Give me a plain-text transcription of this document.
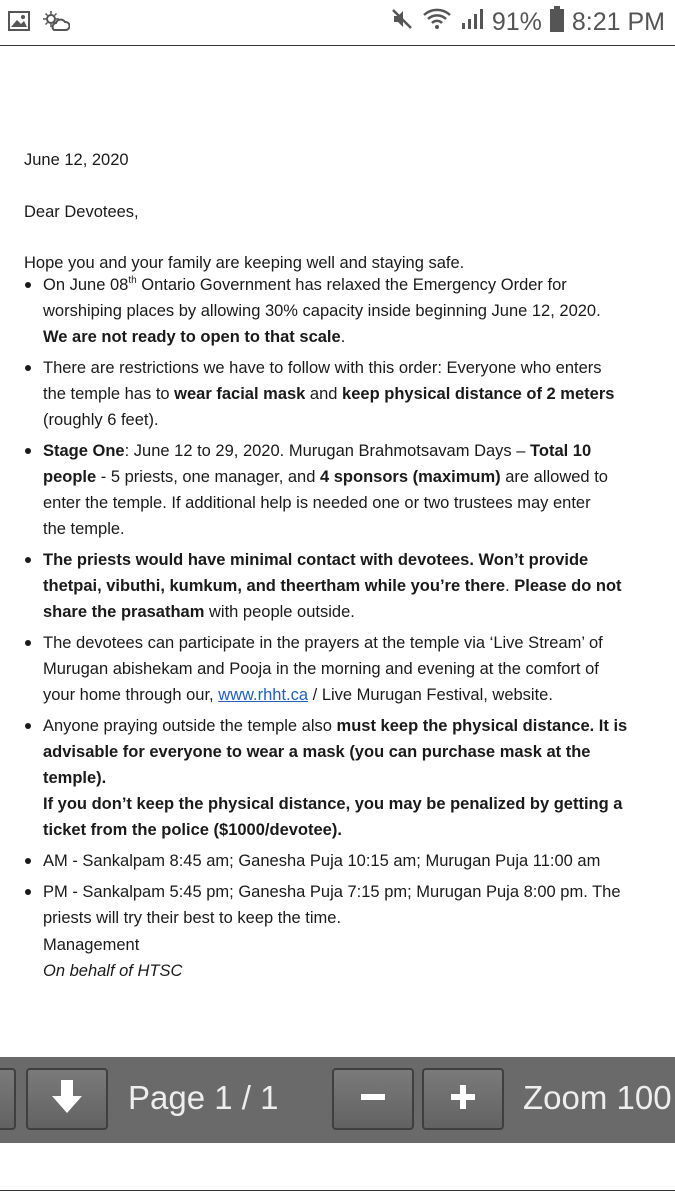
91% 8:21 PM
June 12, 2020
Dear Devotees,
Hope you and your family are keeping well and staying safe.
On June 08th Ontario Government has relaxed the Emergency Order for
worshiping places by allowing 30% capacity inside beginning June 12, 2020.
We are not ready to open to that scale.
There are restrictions we have to follow with this order: Everyone who enters
the temple has to wear facial mask and keep physical distance of 2 meters
(roughly 6 feet).
Stage One: June 12 to 29, 2020. Murugan Brahmotsavam Days – Total 10
people - 5 priests, one manager, and 4 sponsors (maximum) are allowed to
enter the temple. If additional help is needed one or two trustees may enter
the temple.
The priests would have minimal contact with devotees. Won’t provide
thetpai, vibuthi, kumkum, and theertham while you’re there. Please do not
share the prasatham with people outside.
The devotees can participate in the prayers at the temple via ‘Live Stream’ of
Murugan abishekam and Pooja in the morning and evening at the comfort of
your home through our, www.rhht.ca / Live Murugan Festival, website.
Anyone praying outside the temple also must keep the physical distance. It is
advisable for everyone to wear a mask (you can purchase mask at the
temple).
If you don’t keep the physical distance, you may be penalized by getting a
ticket from the police ($1000/devotee).
AM - Sankalpam 8:45 am; Ganesha Puja 10:15 am; Murugan Puja 11:00 am
PM - Sankalpam 5:45 pm; Ganesha Puja 7:15 pm; Murugan Puja 8:00 pm. The
priests will try their best to keep the time.
Management
On behalf of HTSC
Page 1 / 1	Zoom 100
